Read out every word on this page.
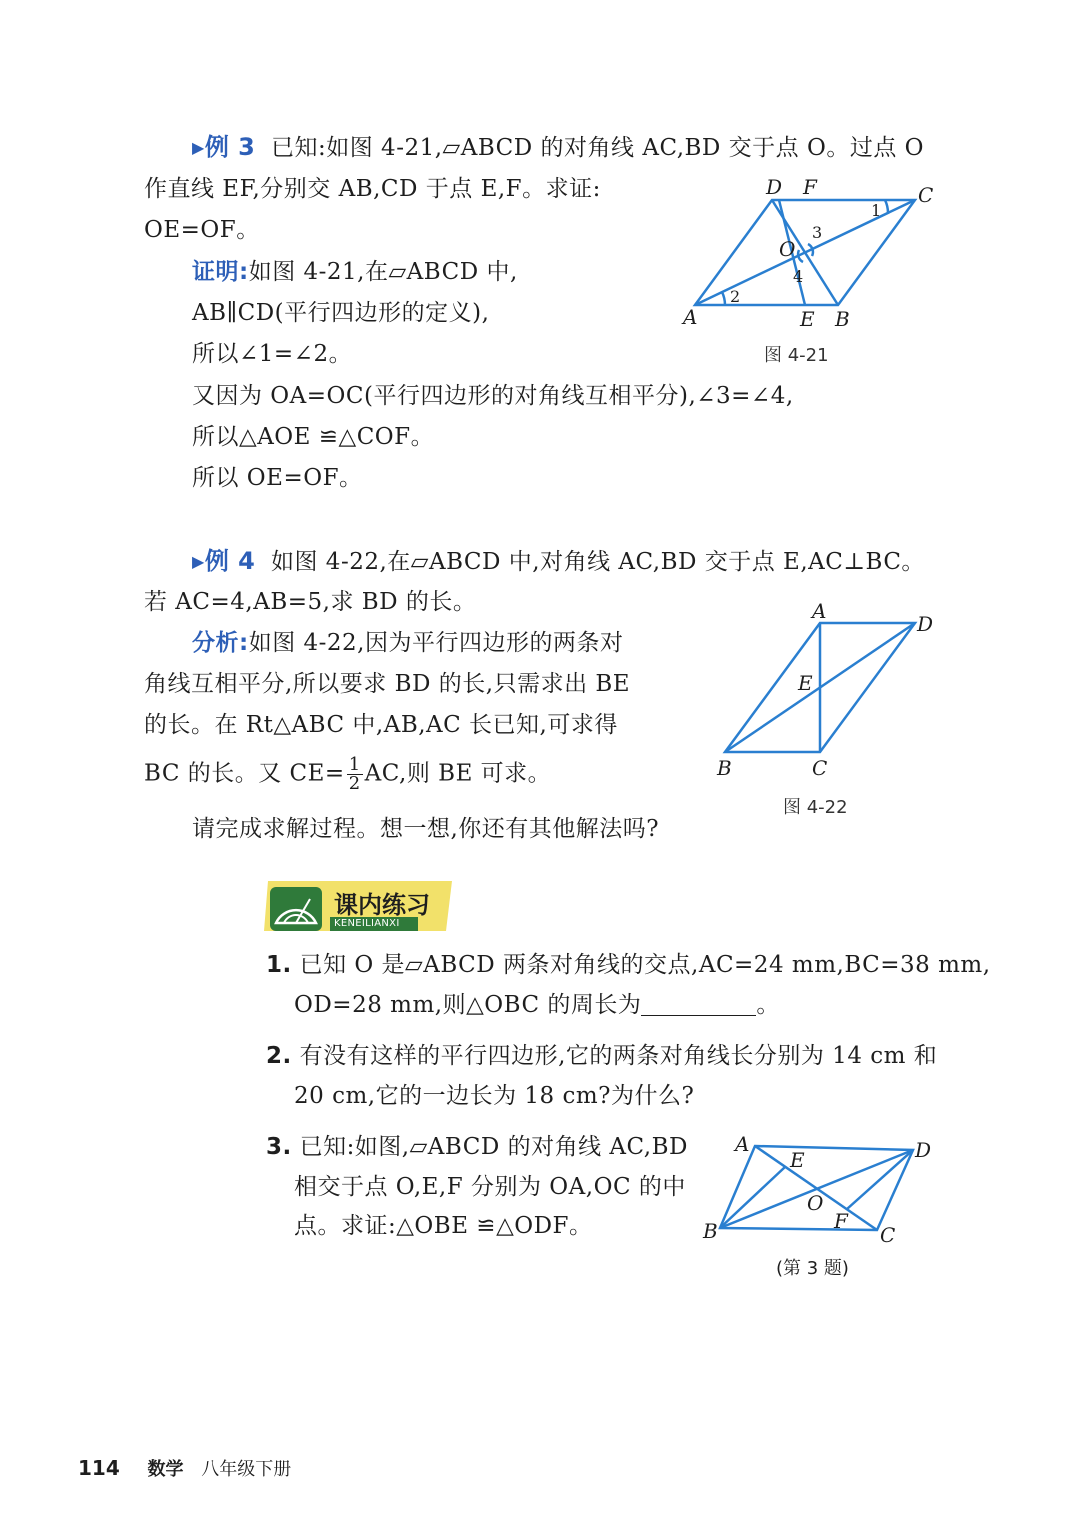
▶例 3 已知:如图 4-21,▱ABCD 的对角线 AC,BD 交于点 O。过点 O
作直线 EF,分别交 AB,CD 于点 E,F。求证:
OE=OF。
证明:如图 4-21,在▱ABCD 中,
AB∥CD(平行四边形的定义),
所以∠1=∠2。
又因为 OA=OC(平行四边形的对角线互相平分),∠3=∠4,
所以△AOE ≌△COF。
所以 OE=OF。
D F	C
A	E B
O
1
2
3
4
图 4-21
▶例 4 如图 4-22,在▱ABCD 中,对角线 AC,BD 交于点 E,AC⊥BC。
若 AC=4,AB=5,求 BD 的长。
分析:如图 4-22,因为平行四边形的两条对
角线互相平分,所以要求 BD 的长,只需求出 BE
的长。在 Rt△ABC 中,AB,AC 长已知,可求得
BC 的长。又 $CE= \frac{1}{2}$ AC,则 BE 可求。
请完成求解过程。想一想,你还有其他解法吗?
A
D
E
B	C
图 4-22
课内练习
KENEILIANXI
1. 已知 O 是▱ABCD 两条对角线的交点,AC=24 mm,BC=38 mm,
OD=28 mm,则△OBC 的周长为	。
2. 有没有这样的平行四边形,它的两条对角线长分别为 14 cm 和
20 cm,它的一边长为 18 cm?为什么?
3. 已知:如图,▱ABCD 的对角线 AC,BD
相交于点 O,E,F 分别为 OA,OC 的中
点。求证:△OBE ≌△ODF。
A	D
E
O
F
B	C
(第 3 题)
114 数学 八年级下册
